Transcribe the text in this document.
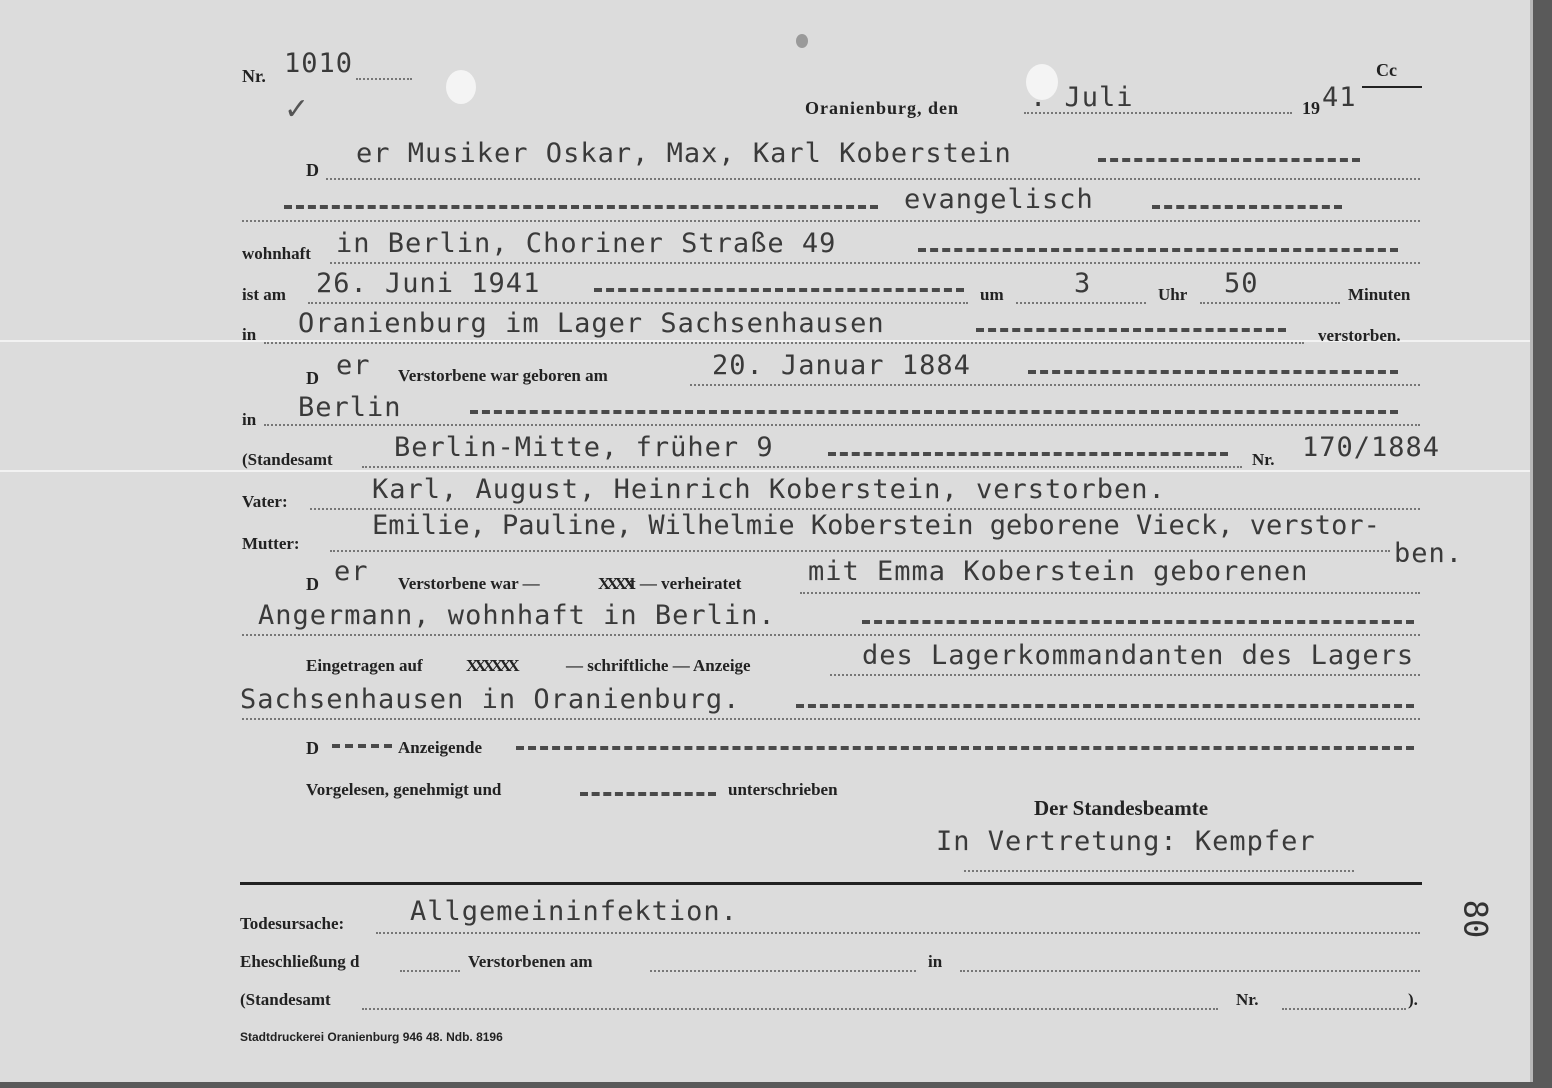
Nr. 1010
✓	Oranienburg, den	. Juli	19 41
Cc
D
er Musiker Oskar, Max, Karl Koberstein
evangelisch
wohnhaft in Berlin, Choriner Straße 49
ist am 26. Juni 1941	um	3	Uhr 50	Minuten
in Oranienburg im Lager Sachsenhausen	verstorben.
D er Verstorbene war geboren am	20. Januar 1884
in Berlin
(Standesamt Berlin-Mitte, früher 9	Nr. 170/1884
Vater:	Karl, August, Heinrich Koberstein, verstorben.
Mutter:
Emilie, Pauline, Wilhelmie Koberstein geborene Vieck, verstor-
ben.
D er Verstorbene war —	XXXX
t — verheiratet mit Emma Koberstein geborenen
Angermann, wohnhaft in Berlin.
Eingetragen auf	XXXXXX	— schriftliche — Anzeige	des Lagerkommandanten des Lagers
Sachsenhausen in Oranienburg.
D	Anzeigende
Vorgelesen, genehmigt und	unterschrieben
Der Standesbeamte
In Vertretung: Kempfer
Todesursache: Allgemeininfektion.
Eheschließung d	Verstorbenen am	in
(Standesamt	Nr.	).
Stadtdruckerei Oranienburg 946 48. Ndb. 8196
80
